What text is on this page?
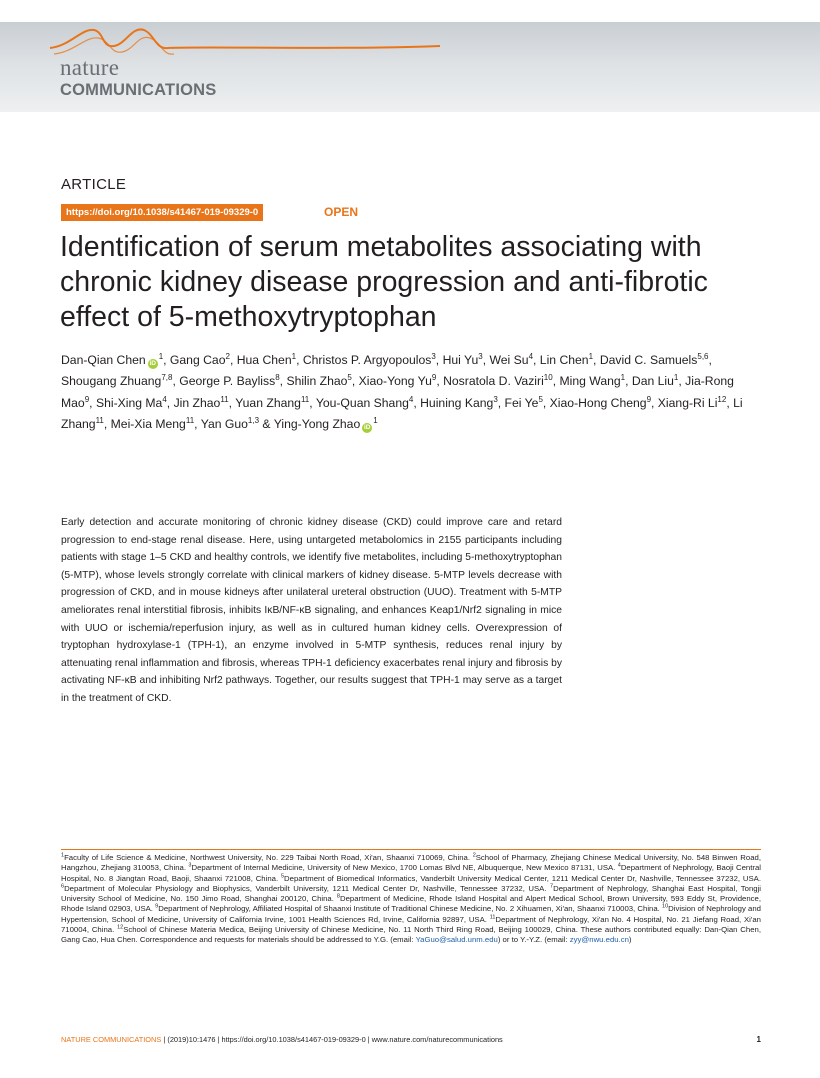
nature
COMMUNICATIONS
ARTICLE
https://doi.org/10.1038/s41467-019-09329-0	OPEN
Identification of serum metabolites associating with chronic kidney disease progression and anti-fibrotic effect of 5-methoxytryptophan
Dan-Qian Chen $iD^1$, Gang Cao$^2$, Hua Chen$^1$, Christos P. Argyopoulos$^3$, Hui Yu$^3$, Wei Su$^4$, Lin Chen$^1$, David C. Samuels$^{5,6}$, Shougang Zhuang$^{7,8}$, George P. Bayliss$^8$, Shilin Zhao$^5$, Xiao-Yong Yu$^9$, Nosratola D. Vaziri$^{10}$, Ming Wang$^1$, Dan Liu$^1$, Jia-Rong Mao$^9$, Shi-Xing Ma$^4$, Jin Zhao$^{11}$, Yuan Zhang$^{11}$, You-Quan Shang$^4$, Huining Kang$^3$, Fei Ye$^5$, Xiao-Hong Cheng$^9$, Xiang-Ri Li$^{12}$, Li Zhang$^{11}$, Mei-Xia Meng$^{11}$, Yan Guo$^{1,3}$ & Ying-Yong Zhao $iD^1$

Early detection and accurate monitoring of chronic kidney disease (CKD) could improve care and retard progression to end-stage renal disease. Here, using untargeted metabolomics in 2155 participants including patients with stage 1–5 CKD and healthy controls, we identify five metabolites, including 5-methoxytryptophan (5-MTP), whose levels strongly correlate with clinical markers of kidney disease. 5-MTP levels decrease with progression of CKD, and in mouse kidneys after unilateral ureteral obstruction (UUO). Treatment with 5-MTP ameliorates renal interstitial fibrosis, inhibits IκB/NF-κB signaling, and enhances Keap1/Nrf2 signaling in mice with UUO or ischemia/reperfusion injury, as well as in cultured human kidney cells. Overexpression of tryptophan hydroxylase-1 (TPH-1), an enzyme involved in 5-MTP synthesis, reduces renal injury by attenuating renal inflammation and fibrosis, whereas TPH-1 deficiency exacerbates renal injury and fibrosis by activating NF-κB and inhibiting Nrf2 pathways. Together, our results suggest that TPH-1 may serve as a target in the treatment of CKD.

$^1$Faculty of Life Science & Medicine, Northwest University, No. 229 Taibai North Road, Xi'an, Shaanxi 710069, China. $^2$School of Pharmacy, Zhejiang Chinese Medical University, No. 548 Binwen Road, Hangzhou, Zhejiang 310053, China. $^3$Department of Internal Medicine, University of New Mexico, 1700 Lomas Blvd NE, Albuquerque, New Mexico 87131, USA. $^4$Department of Nephrology, Baoji Central Hospital, No. 8 Jiangtan Road, Baoji, Shaanxi 721008, China. $^5$Department of Biomedical Informatics, Vanderbilt University Medical Center, 1211 Medical Center Dr, Nashville, Tennessee 37232, USA. $^6$Department of Molecular Physiology and Biophysics, Vanderbilt University, 1211 Medical Center Dr, Nashville, Tennessee 37232, USA. $^7$Department of Nephrology, Shanghai East Hospital, Tongji University School of Medicine, No. 150 Jimo Road, Shanghai 200120, China. $^8$Department of Medicine, Rhode Island Hospital and Alpert Medical School, Brown University, 593 Eddy St, Providence, Rhode Island 02903, USA. $^9$Department of Nephrology, Affiliated Hospital of Shaanxi Institute of Traditional Chinese Medicine, No. 2 Xihuamen, Xi'an, Shaanxi 710003, China. $^{10}$Division of Nephrology and Hypertension, School of Medicine, University of California Irvine, 1001 Health Sciences Rd, Irvine, California 92897, USA. $^{11}$Department of Nephrology, Xi'an No. 4 Hospital, No. 21 Jiefang Road, Xi'an 710004, China. $^{12}$School of Chinese Materia Medica, Beijing University of Chinese Medicine, No. 11 North Third Ring Road, Beijing 100029, China. These authors contributed equally: Dan-Qian Chen, Gang Cao, Hua Chen. Correspondence and requests for materials should be addressed to Y.G. (email: YaGuo@salud.unm.edu) or to Y.-Y.Z. (email: zyy@nwu.edu.cn)
NATURE COMMUNICATIONS | (2019)10:1476 | https://doi.org/10.1038/s41467-019-09329-0 | www.nature.com/naturecommunications	1
